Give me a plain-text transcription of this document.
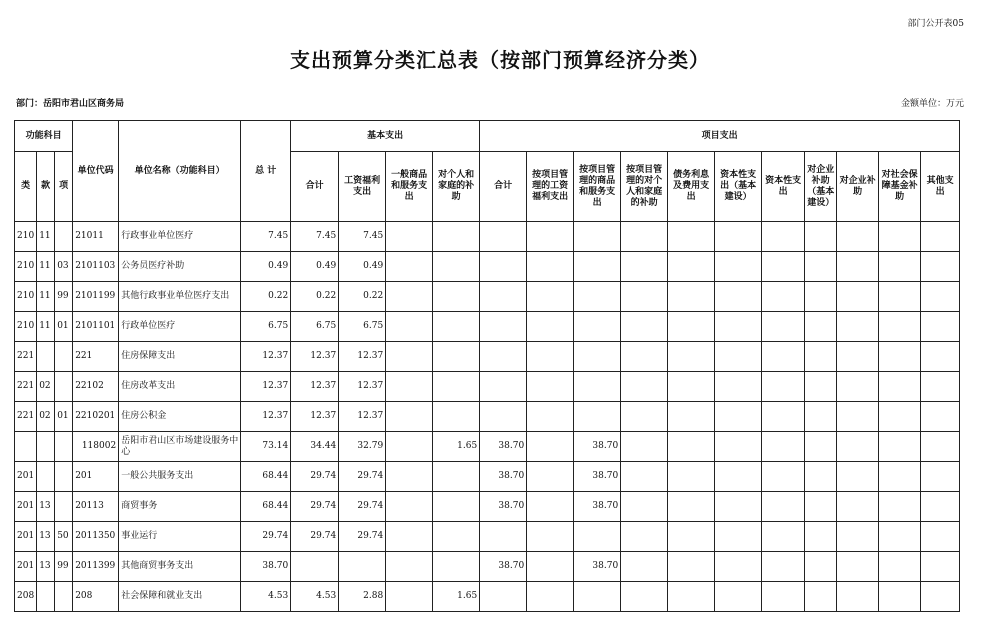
部门公开表05
支出预算分类汇总表（按部门预算经济分类）
部门：岳阳市君山区商务局	金额单位：万元
功能科目			单位代码	单位名称（功能科目）	总 计	基本支出				项目支出										
类	款	项				合计	工资福利支出	一般商品和服务支出	对个人和家庭的补助	合计	按项目管理的工资福利支出	按项目管理的商品和服务支出	按项目管理的对个人和家庭的补助	债务利息及费用支出	资本性支出（基本建设）	资本性支出	对企业补助（基本建设）	对企业补助	对社会保障基金补助	其他支出
210	11		21011	行政事业单位医疗	7.45	7.45	7.45													
210	11	03	2101103	公务员医疗补助	0.49	0.49	0.49													
210	11	99	2101199	其他行政事业单位医疗支出	0.22	0.22	0.22													
210	11	01	2101101	行政单位医疗	6.75	6.75	6.75													
221			221	住房保障支出	12.37	12.37	12.37													
221	02		22102	住房改革支出	12.37	12.37	12.37													
221	02	01	2210201	住房公积金	12.37	12.37	12.37													
			118002	岳阳市君山区市场建设服务中心	73.14	34.44	32.79		1.65	38.70		38.70								
201			201	一般公共服务支出	68.44	29.74	29.74			38.70		38.70								
201	13		20113	商贸事务	68.44	29.74	29.74			38.70		38.70								
201	13	50	2011350	事业运行	29.74	29.74	29.74													
201	13	99	2011399	其他商贸事务支出	38.70					38.70		38.70								
208			208	社会保障和就业支出	4.53	4.53	2.88		1.65											
